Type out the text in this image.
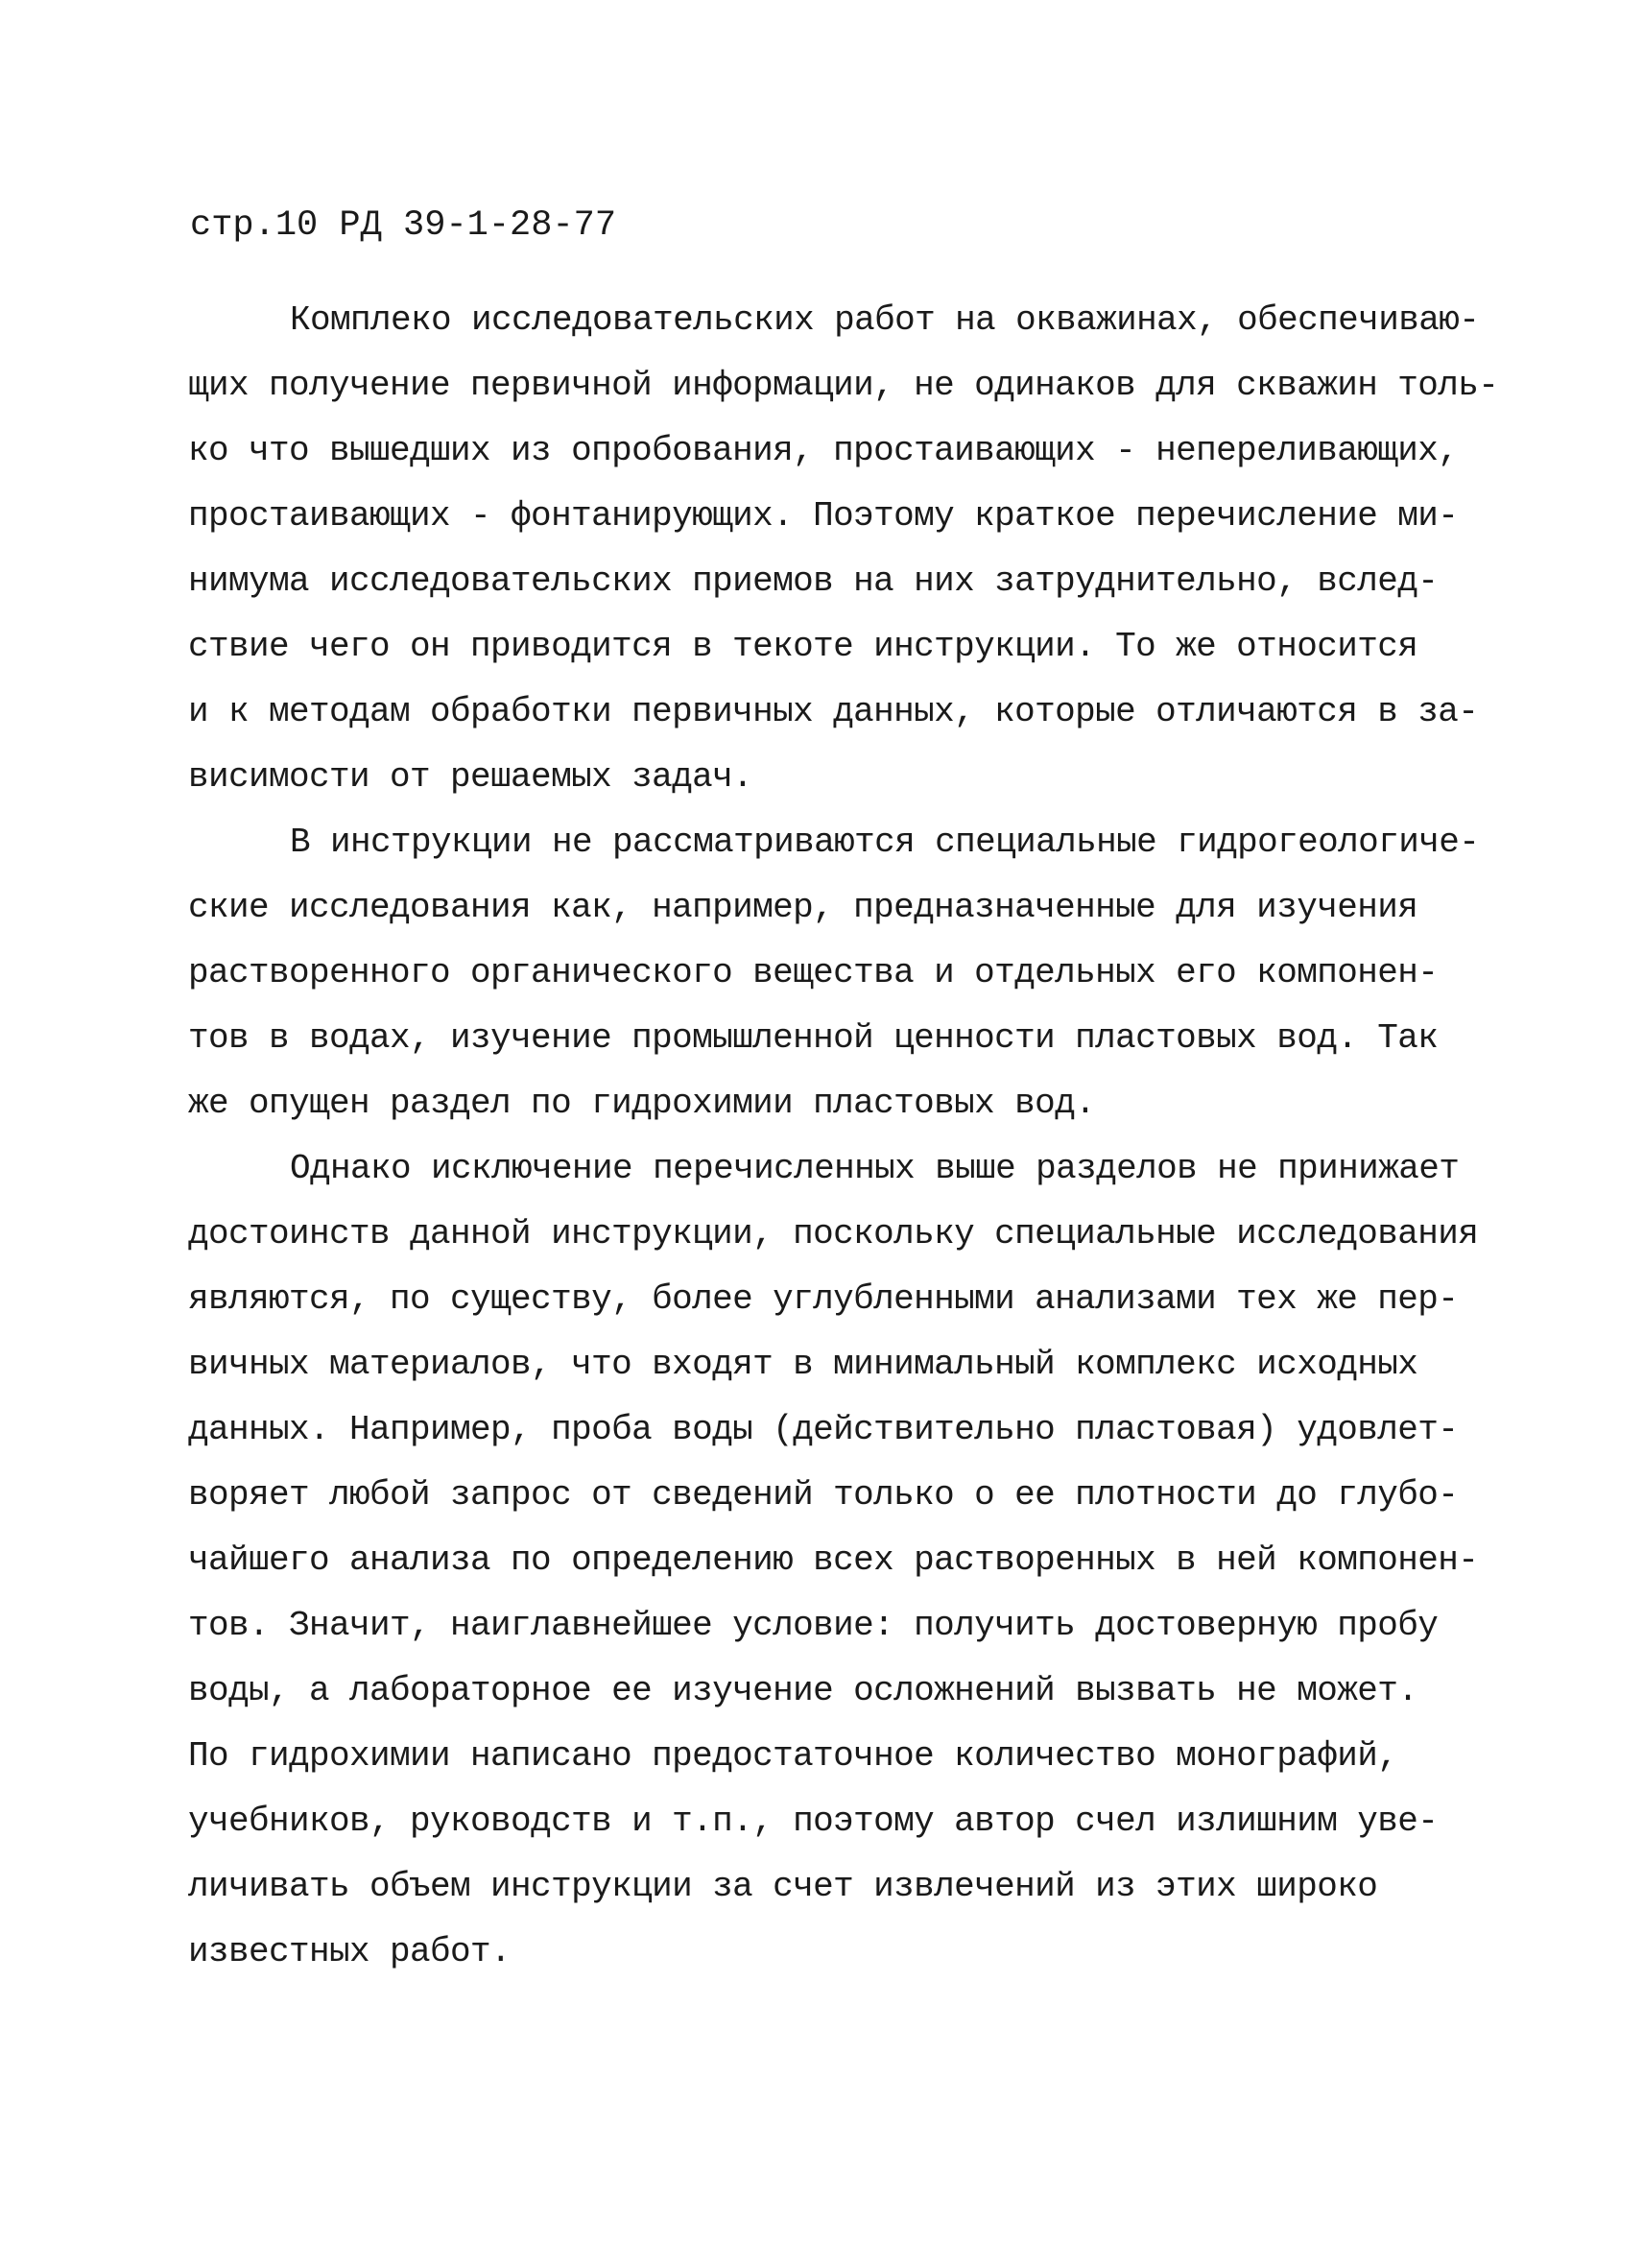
стр.10 РД 39-1-28-77
Комплеко исследовательских работ на окважинах, обеспечиваю-
щих получение первичной информации, не одинаков для скважин толь-
ко что вышедших из опробования, простаивающих - непереливающих,
простаивающих - фонтанирующих. Поэтому краткое перечисление ми-
нимума исследовательских приемов на них затруднительно, вслед-
ствие чего он приводится в текоте инструкции. То же относится
и к методам обработки первичных данных, которые отличаются в за-
висимости от решаемых задач.
В инструкции не рассматриваются специальные гидрогеологиче-
ские исследования как, например, предназначенные для изучения
растворенного органического вещества и отдельных его компонен-
тов в водах, изучение промышленной ценности пластовых вод. Так
же опущен раздел по гидрохимии пластовых вод.
Однако исключение перечисленных выше разделов не принижает
достоинств данной инструкции, поскольку специальные исследования
являются, по существу, более углубленными анализами тех же пер-
вичных материалов, что входят в минимальный комплекс исходных
данных. Например, проба воды (действительно пластовая) удовлет-
воряет любой запрос от сведений только о ее плотности до глубо-
чайшего анализа по определению всех растворенных в ней компонен-
тов. Значит, наиглавнейшее условие: получить достоверную пробу
воды, а лабораторное ее изучение осложнений вызвать не может.
По гидрохимии написано предостаточное количество монографий,
учебников, руководств и т.п., поэтому автор счел излишним уве-
личивать объем инструкции за счет извлечений из этих широко
известных работ.
